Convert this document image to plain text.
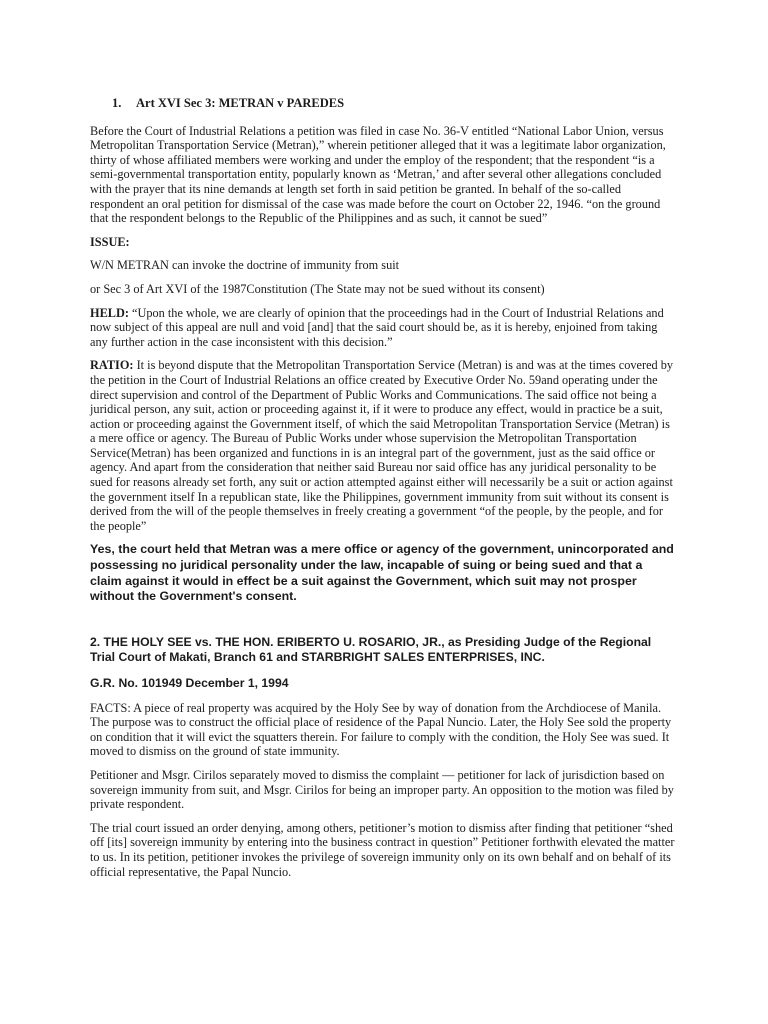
1. Art XVI Sec 3: METRAN v PAREDES

Before the Court of Industrial Relations a petition was filed in case No. 36-V entitled “National Labor Union, versus Metropolitan Transportation Service (Metran),” wherein petitioner alleged that it was a legitimate labor organization, thirty of whose affiliated members were working and under the employ of the respondent; that the respondent “is a semi-governmental transportation entity, popularly known as ‘Metran,’ and after several other allegations concluded with the prayer that its nine demands at length set forth in said petition be granted. In behalf of the so-called respondent an oral petition for dismissal of the case was made before the court on October 22, 1946. “on the ground that the respondent belongs to the Republic of the Philippines and as such, it cannot be sued”

ISSUE:

W/N METRAN can invoke the doctrine of immunity from suit

or Sec 3 of Art XVI of the 1987Constitution (The State may not be sued without its consent)

HELD: “Upon the whole, we are clearly of opinion that the proceedings had in the Court of Industrial Relations and now subject of this appeal are null and void [and] that the said court should be, as it is hereby, enjoined from taking any further action in the case inconsistent with this decision.”

RATIO: It is beyond dispute that the Metropolitan Transportation Service (Metran) is and was at the times covered by the petition in the Court of Industrial Relations an office created by Executive Order No. 59and operating under the direct supervision and control of the Department of Public Works and Communications. The said office not being a juridical person, any suit, action or proceeding against it, if it were to produce any effect, would in practice be a suit, action or proceeding against the Government itself, of which the said Metropolitan Transportation Service (Metran) is a mere office or agency. The Bureau of Public Works under whose supervision the Metropolitan Transportation Service(Metran) has been organized and functions in is an integral part of the government, just as the said office or agency. And apart from the consideration that neither said Bureau nor said office has any juridical personality to be sued for reasons already set forth, any suit or action attempted against either will necessarily be a suit or action against the government itself In a republican state, like the Philippines, government immunity from suit without its consent is derived from the will of the people themselves in freely creating a government “of the people, by the people, and for the people”

Yes, the court held that Metran was a mere office or agency of the government, unincorporated and possessing no juridical personality under the law, incapable of suing or being sued and that a claim against it would in effect be a suit against the Government, which suit may not prosper without the Government's consent.

2. THE HOLY SEE vs. THE HON. ERIBERTO U. ROSARIO, JR., as Presiding Judge of the Regional Trial Court of Makati, Branch 61 and STARBRIGHT SALES ENTERPRISES, INC.

G.R. No. 101949 December 1, 1994

FACTS: A piece of real property was acquired by the Holy See by way of donation from the Archdiocese of Manila. The purpose was to construct the official place of residence of the Papal Nuncio. Later, the Holy See sold the property on condition that it will evict the squatters therein. For failure to comply with the condition, the Holy See was sued. It moved to dismiss on the ground of state immunity.

Petitioner and Msgr. Cirilos separately moved to dismiss the complaint — petitioner for lack of jurisdiction based on sovereign immunity from suit, and Msgr. Cirilos for being an improper party. An opposition to the motion was filed by private respondent.

The trial court issued an order denying, among others, petitioner’s motion to dismiss after finding that petitioner “shed off [its] sovereign immunity by entering into the business contract in question” Petitioner forthwith elevated the matter to us. In its petition, petitioner invokes the privilege of sovereign immunity only on its own behalf and on behalf of its official representative, the Papal Nuncio.
